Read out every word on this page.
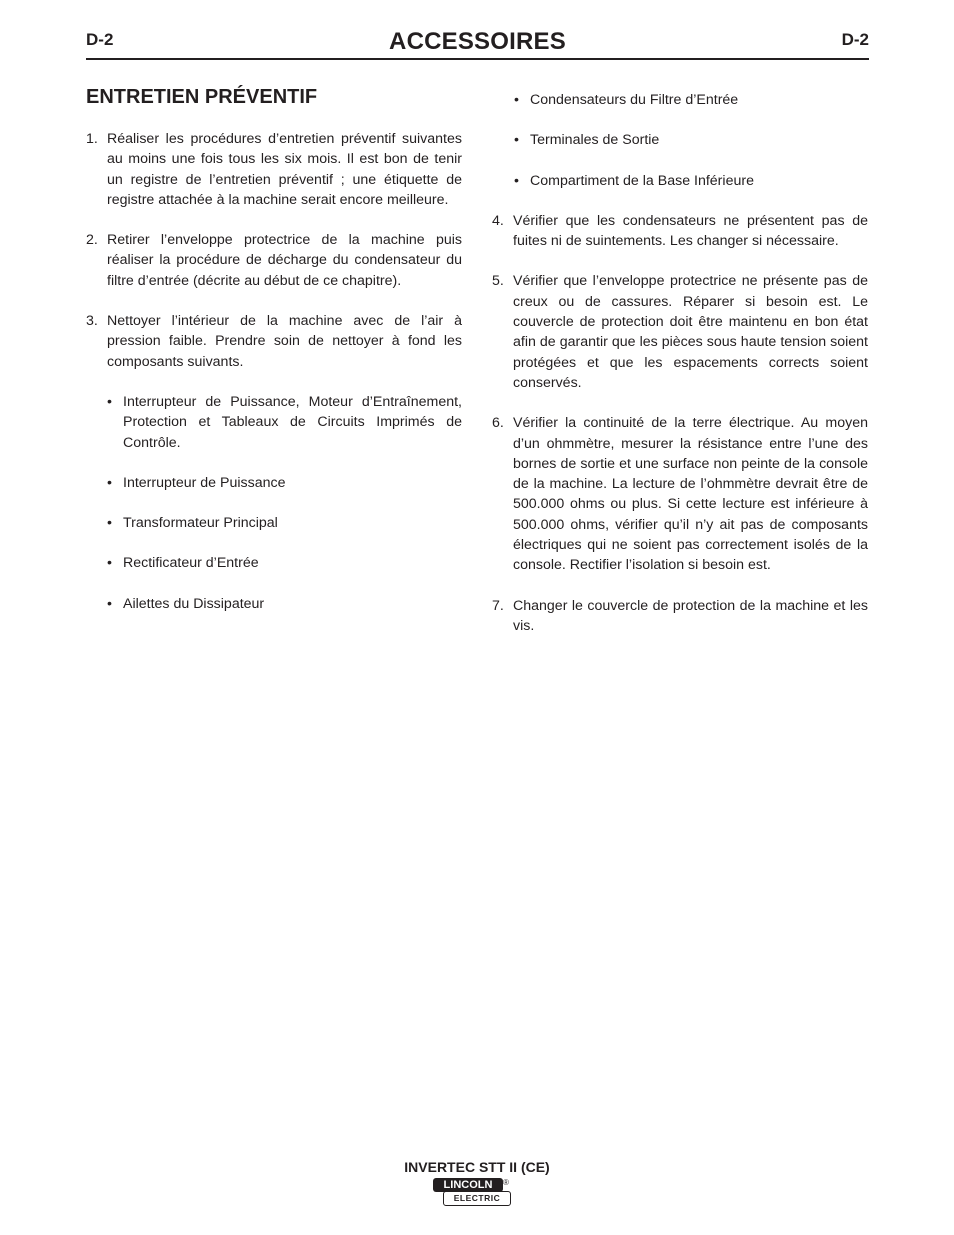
D-2	ACCESSOIRES	D-2
ENTRETIEN PRÉVENTIF
1. Réaliser les procédures d’entretien préventif suivantes au moins une fois tous les six mois. Il est bon de tenir un registre de l’entretien préventif ; une étiquette de registre attachée à la machine serait encore meilleure.
2. Retirer l’enveloppe protectrice de la machine puis réaliser la procédure de décharge du condensateur du filtre d’entrée (décrite au début de ce chapitre).
3. Nettoyer l’intérieur de la machine avec de l’air à pression faible. Prendre soin de nettoyer à fond les composants suivants.
• Interrupteur de Puissance, Moteur d’Entraînement, Protection et Tableaux de Circuits Imprimés de Contrôle.
• Interrupteur de Puissance
• Transformateur Principal
• Rectificateur d’Entrée
• Ailettes du Dissipateur
• Condensateurs du Filtre d’Entrée
• Terminales de Sortie
• Compartiment de la Base Inférieure
4. Vérifier que les condensateurs ne présentent pas de fuites ni de suintements. Les changer si nécessaire.
5. Vérifier que l’enveloppe protectrice ne présente pas de creux ou de cassures. Réparer si besoin est. Le couvercle de protection doit être maintenu en bon état afin de garantir que les pièces sous haute tension soient protégées et que les espacements corrects soient conservés.
6. Vérifier la continuité de la terre électrique. Au moyen d’un ohmmètre, mesurer la résistance entre l’une des bornes de sortie et une surface non peinte de la console de la machine. La lecture de l’ohmmètre devrait être de 500.000 ohms ou plus. Si cette lecture est inférieure à 500.000 ohms, vérifier qu’il n’y ait pas de composants électriques qui ne soient pas correctement isolés de la console. Rectifier l’isolation si besoin est.
7. Changer le couvercle de protection de la machine et les vis.
INVERTEC STT II (CE)
LINCOLN	®
ELECTRIC
